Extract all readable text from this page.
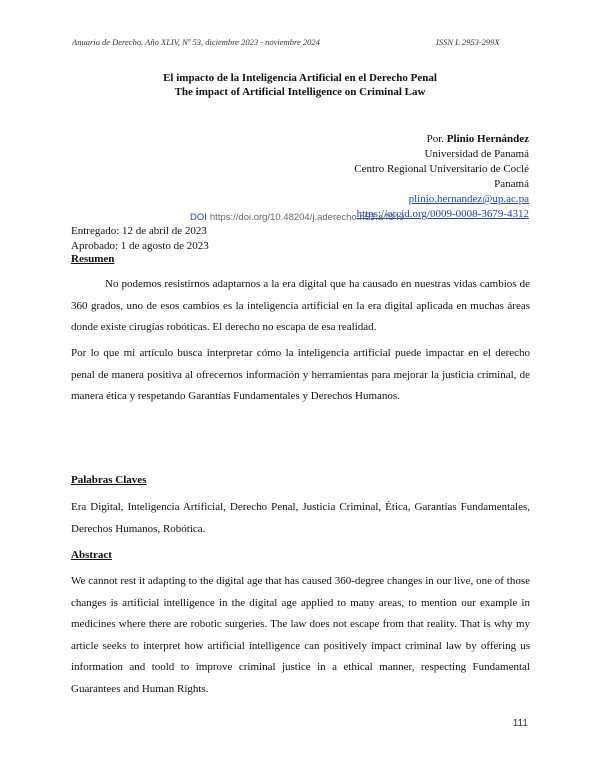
Anuario de Derecho. Año XLIV, Nº 53, diciembre 2023 - noviembre 2024	ISSN L 2953-299X
El impacto de la Inteligencia Artificial en el Derecho Penal
The impact of Artificial Intelligence on Criminal Law
Por. Plinio Hernández
Universidad de Panamá
Centro Regional Universitario de Coclé
Panamá
plinio.hernandez@up.ac.pa
https://orcid.org/0009-0008-3679-4312
DOI https://doi.org/10.48204/j.aderecho.n53.a4849
Entregado: 12 de abril de 2023
Aprobado: 1 de agosto de 2023
Resumen
No podemos resistirnos adaptarnos a la era digital que ha causado en nuestras vidas cambios de 360 grados, uno de esos cambios es la inteligencia artificial en la era digital aplicada en muchas áreas donde existe cirugías robóticas. El derecho no escapa de esa realidad.
Por lo que mi artículo busca interpretar cómo la inteligencia artificial puede impactar en el derecho penal de manera positiva al ofrecernos información y herramientas para mejorar la justicia criminal, de manera ética y respetando Garantías Fundamentales y Derechos Humanos.
Palabras Claves
Era Digital, Inteligencia Artificial, Derecho Penal, Justicia Criminal, Ética, Garantías Fundamentales, Derechos Humanos, Robótica.
Abstract
We cannot rest it adapting to the digital age that has caused 360-degree changes in our live, one of those changes is artificial intelligence in the digital age applied to many areas, to mention our example in medicines where there are robotic surgeries. The law does not escape from that reality. That is why my article seeks to interpret how artificial intelligence can positively impact criminal law by offering us information and toold to improve criminal justice in a ethical manner, respecting Fundamental Guarantees and Human Rights.
111
